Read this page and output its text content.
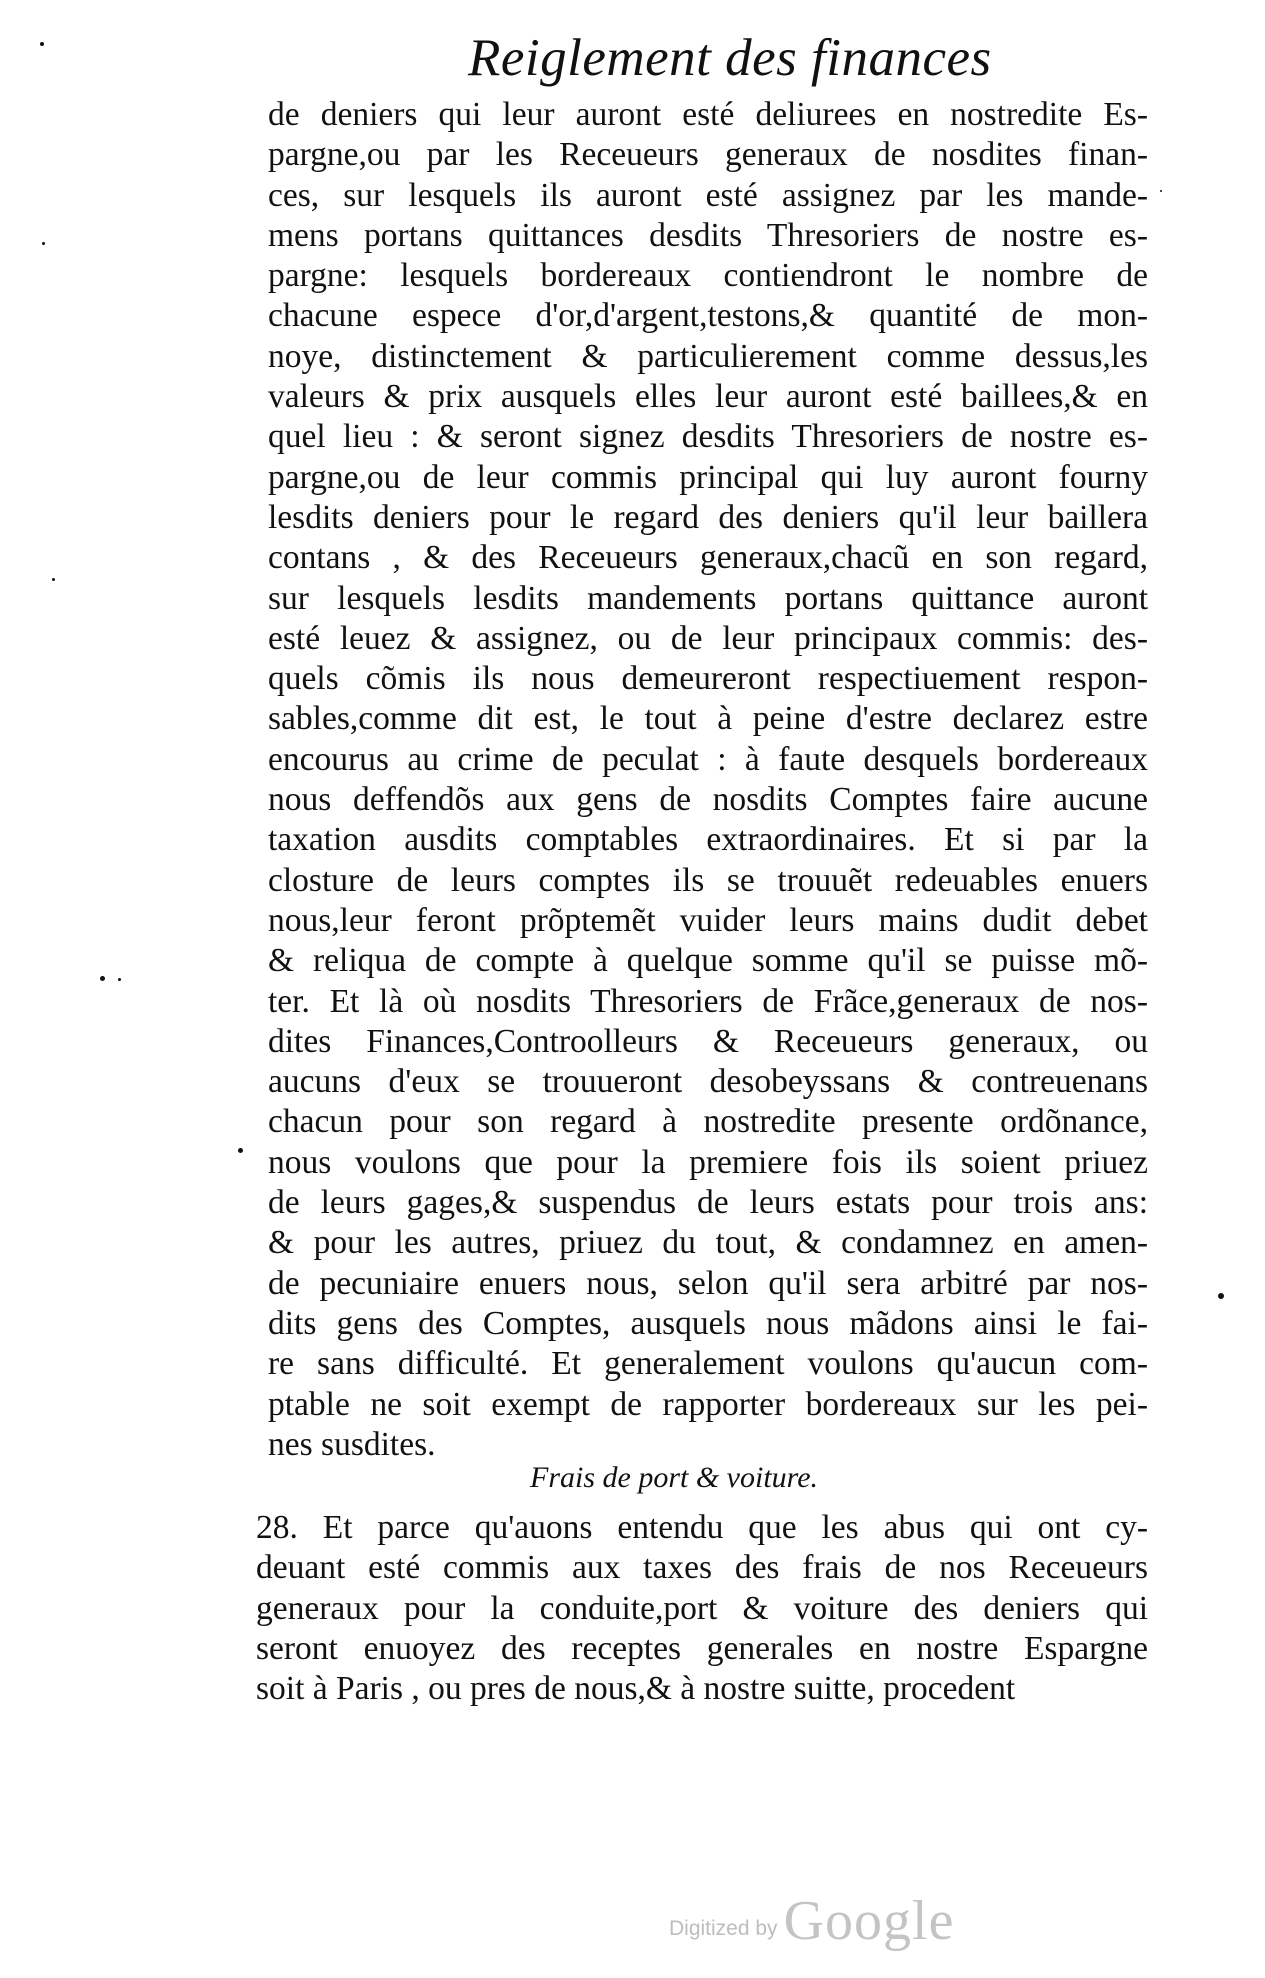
Reiglement des finances
de deniers qui leur auront esté deliurees en nostredite Es-
pargne,ou par les Receueurs generaux de nosdites finan-
ces, sur lesquels ils auront esté assignez par les mande-
mens portans quittances desdits Thresoriers de nostre es-
pargne: lesquels bordereaux contiendront le nombre de
chacune espece d'or,d'argent,testons,& quantité de mon-
noye, distinctement & particulierement comme dessus,les
valeurs & prix ausquels elles leur auront esté baillees,& en
quel lieu : & seront signez desdits Thresoriers de nostre es-
pargne,ou de leur commis principal qui luy auront fourny
lesdits deniers pour le regard des deniers qu'il leur baillera
contans , & des Receueurs generaux,chacũ en son regard,
sur lesquels lesdits mandements portans quittance auront
esté leuez & assignez, ou de leur principaux commis: des-
quels cõmis ils nous demeureront respectiuement respon-
sables,comme dit est, le tout à peine d'estre declarez estre
encourus au crime de peculat : à faute desquels bordereaux
nous deffendõs aux gens de nosdits Comptes faire aucune
taxation ausdits comptables extraordinaires. Et si par la
closture de leurs comptes ils se trouuẽt redeuables enuers
nous,leur feront prõptemẽt vuider leurs mains dudit debet
& reliqua de compte à quelque somme qu'il se puisse mõ-
ter. Et là où nosdits Thresoriers de Frãce,generaux de nos-
dites Finances,Controolleurs & Receueurs generaux, ou
aucuns d'eux se trouueront desobeyssans & contreuenans
chacun pour son regard à nostredite presente ordõnance,
nous voulons que pour la premiere fois ils soient priuez
de leurs gages,& suspendus de leurs estats pour trois ans:
& pour les autres, priuez du tout, & condamnez en amen-
de pecuniaire enuers nous, selon qu'il sera arbitré par nos-
dits gens des Comptes, ausquels nous mãdons ainsi le fai-
re sans difficulté. Et generalement voulons qu'aucun com-
ptable ne soit exempt de rapporter bordereaux sur les pei-
nes susdites.
Frais de port & voiture.
28. Et parce qu'auons entendu que les abus qui ont cy-
deuant esté commis aux taxes des frais de nos Receueurs
generaux pour la conduite,port & voiture des deniers qui
seront enuoyez des receptes generales en nostre Espargne
soit à Paris , ou pres de nous,& à nostre suitte, procedent
Digitized by Google
